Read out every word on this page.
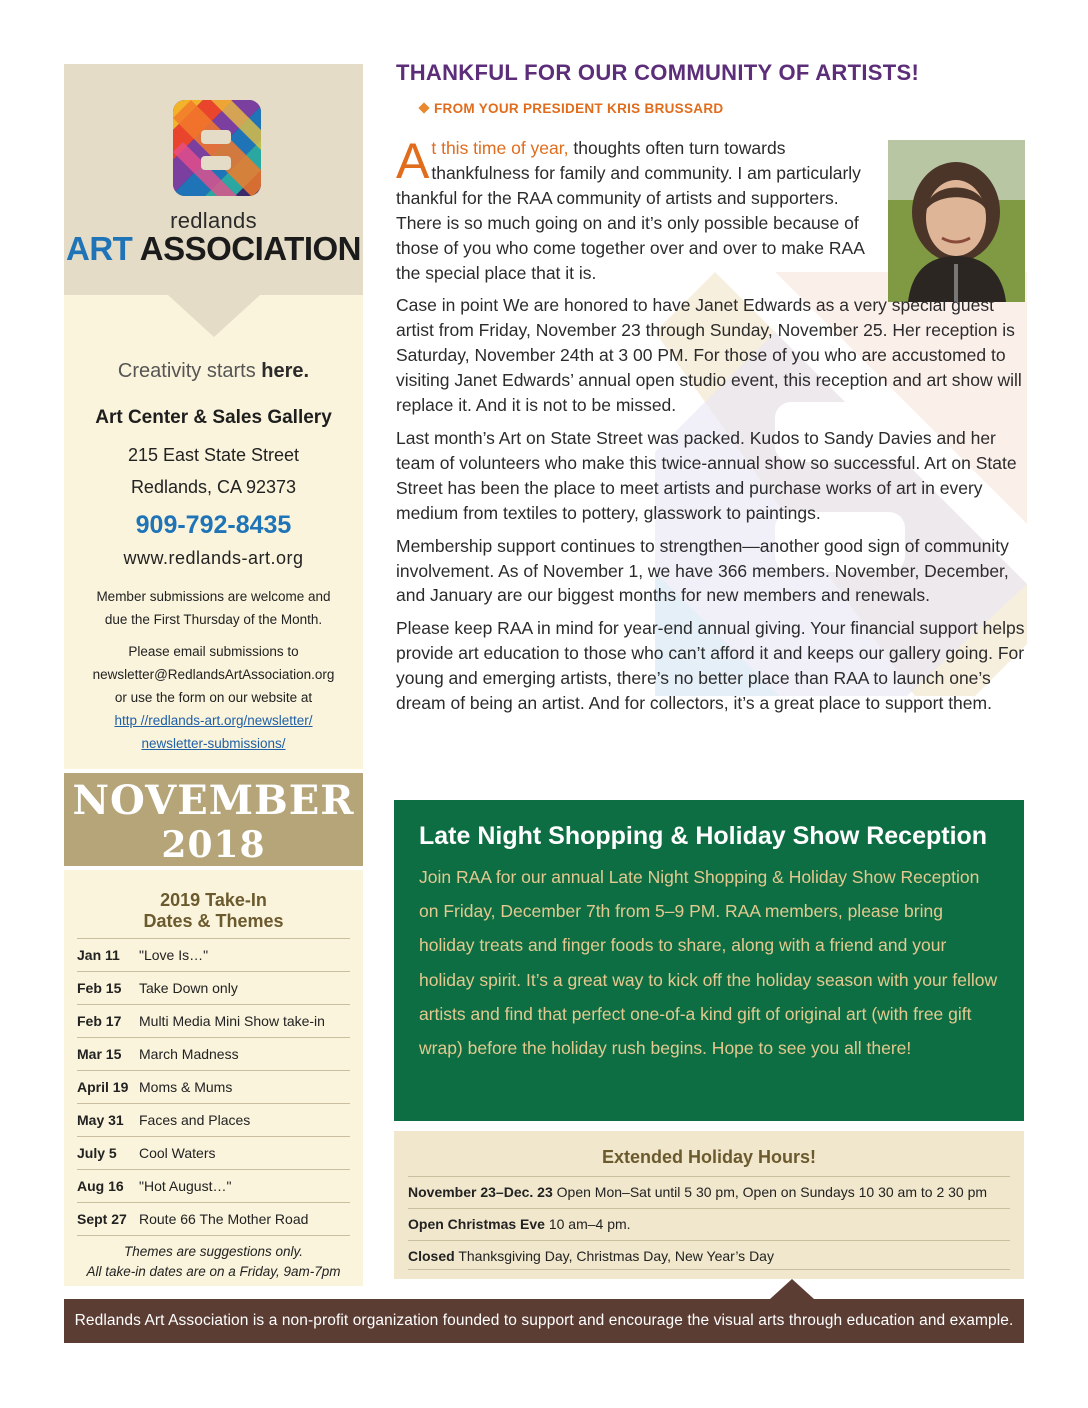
redlands
ART ASSOCIATION
Creativity starts here.
Art Center & Sales Gallery
215 East State Street
Redlands, CA 92373
909-792-8435
www.redlands-art.org
Member submissions are welcome and
due the First Thursday of the Month.
Please email submissions to
newsletter@RedlandsArtAssociation.org
or use the form on our website at
http //redlands-art.org/newsletter/
newsletter-submissions/
NOVEMBER
2018
2019 Take-In
Dates & Themes
Jan 11	"Love Is…"
Feb 15	Take Down only
Feb 17	Multi Media Mini Show take-in
Mar 15	March Madness
April 19 Moms & Mums
May 31	Faces and Places
July 5	Cool Waters
Aug 16	"Hot August…"
Sept 27 Route 66 The Mother Road
Themes are suggestions only.
All take-in dates are on a Friday, 9am-7pm
THANKFUL FOR OUR COMMUNITY OF ARTISTS!
FROM YOUR PRESIDENT KRIS BRUSSARD

At this time of year, thoughts often turn towards thankfulness for family and community. I am particularly thankful for the RAA community of artists and supporters. There is so much going on and it’s only possible because of those of you who come together over and over to make RAA the special place that it is.

Case in point We are honored to have Janet Edwards as a very special guest artist from Friday, November 23 through Sunday, November 25. Her reception is Saturday, November 24th at 3 00 PM. For those of you who are accustomed to visiting Janet Edwards’ annual open studio event, this reception and art show will replace it. And it is not to be missed.

Last month’s Art on State Street was packed. Kudos to Sandy Davies and her team of volunteers who make this twice-annual show so successful. Art on State Street has been the place to meet artists and purchase works of art in every medium from textiles to pottery, glasswork to paintings.

Membership support continues to strengthen—another good sign of community involvement. As of November 1, we have 366 members. November, December, and January are our biggest months for new members and renewals.

Please keep RAA in mind for year-end annual giving. Your financial support helps provide art education to those who can’t afford it and keeps our gallery going. For young and emerging artists, there’s no better place than RAA to launch one’s dream of being an artist. And for collectors, it’s a great place to support them.

Late Night Shopping & Holiday Show Reception
Join RAA for our annual Late Night Shopping & Holiday Show Reception on Friday, December 7th from 5–9 PM. RAA members, please bring holiday treats and finger foods to share, along with a friend and your holiday spirit. It’s a great way to kick off the holiday season with your fellow artists and find that perfect one-of-a kind gift of original art (with free gift wrap) before the holiday rush begins. Hope to see you all there!
Extended Holiday Hours!
November 23–Dec. 23 Open Mon–Sat until 5 30 pm, Open on Sundays 10 30 am to 2 30 pm
Open Christmas Eve 10 am–4 pm.
Closed Thanksgiving Day, Christmas Day, New Year’s Day
Redlands Art Association is a non-profit organization founded to support and encourage the visual arts through education and example.
